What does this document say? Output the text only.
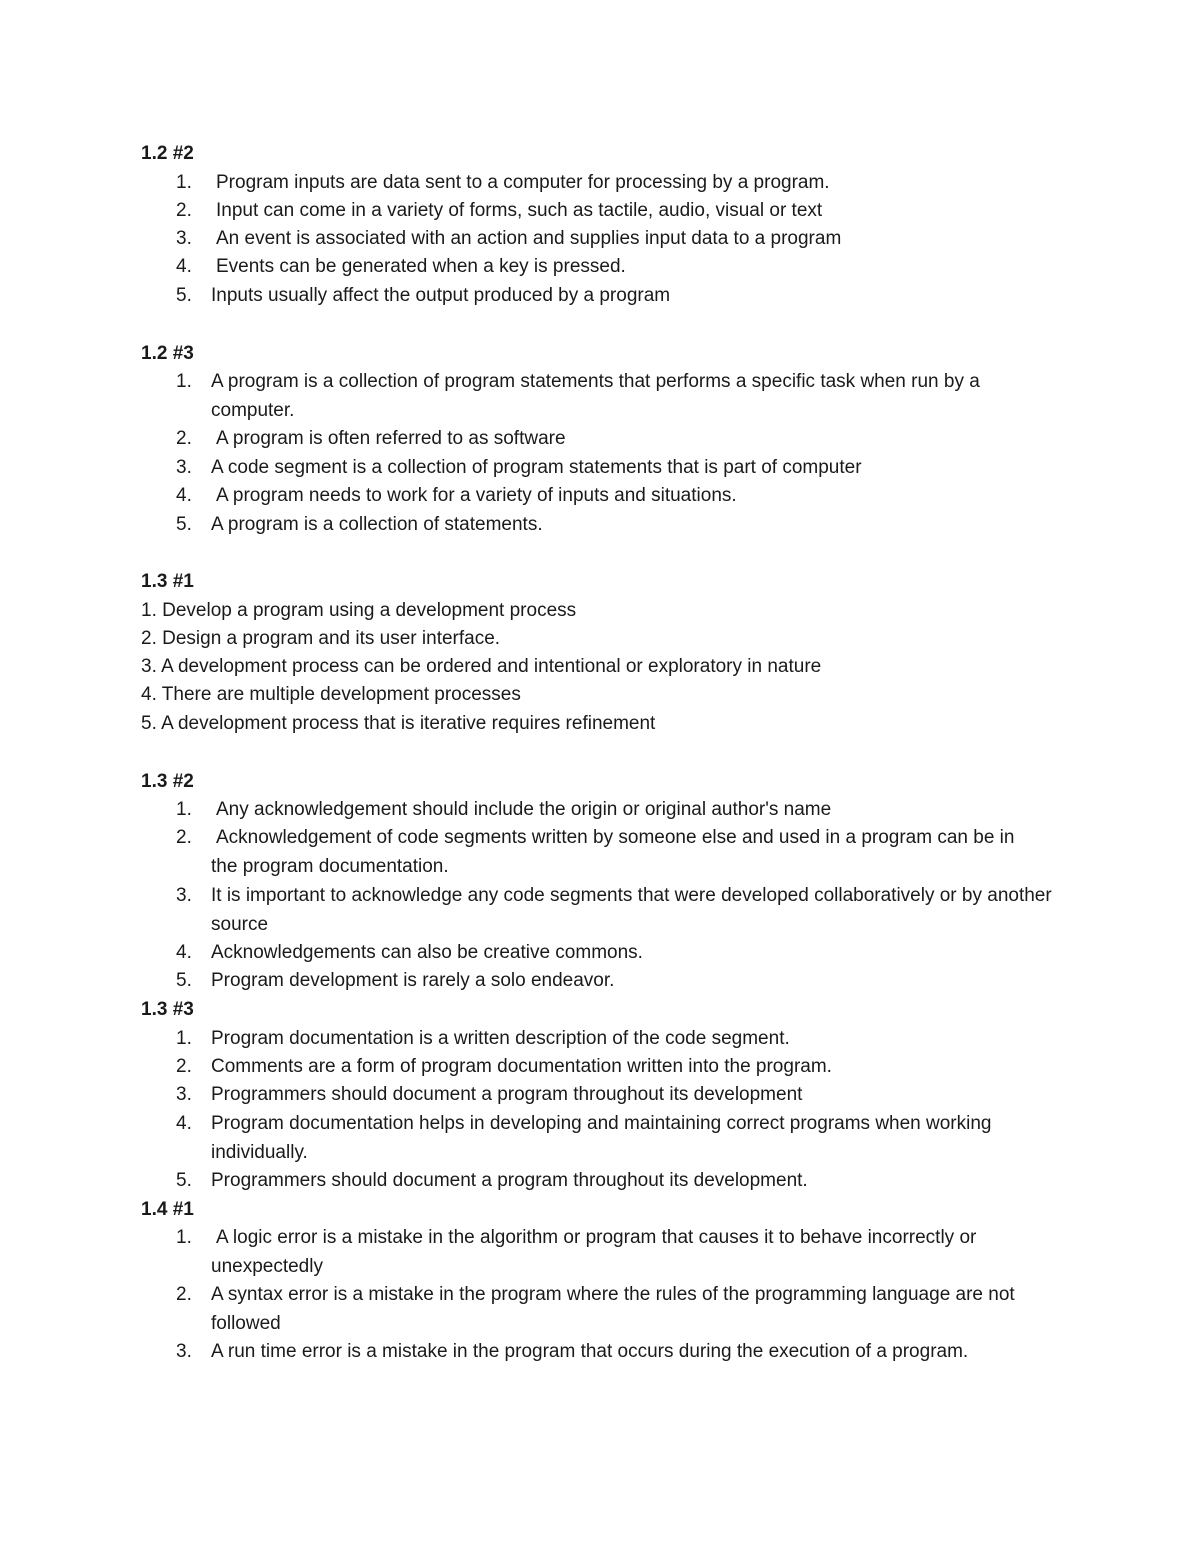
1.2 #2
1. Program inputs are data sent to a computer for processing by a program.
2. Input can come in a variety of forms, such as tactile, audio, visual or text
3. An event is associated with an action and supplies input data to a program
4. Events can be generated when a key is pressed.
5. Inputs usually affect the output produced by a program
1.2 #3
1. A program is a collection of program statements that performs a specific task when run by a computer.
2. A program is often referred to as software
3. A code segment is a collection of program statements that is part of computer
4. A program needs to work for a variety of inputs and situations.
5. A program is a collection of statements.
1.3 #1
1. Develop a program using a development process
2. Design a program and its user interface.
3. A development process can be ordered and intentional or exploratory in nature
4. There are multiple development processes
5. A development process that is iterative requires refinement
1.3 #2
1. Any acknowledgement should include the origin or original author's name
2. Acknowledgement of code segments written by someone else and used in a program can be in the program documentation.
3. It is important to acknowledge any code segments that were developed collaboratively or by another source
4. Acknowledgements can also be creative commons.
5. Program development is rarely a solo endeavor.
1.3 #3
1. Program documentation is a written description of the code segment.
2. Comments are a form of program documentation written into the program.
3. Programmers should document a program throughout its development
4. Program documentation helps in developing and maintaining correct programs when working individually.
5. Programmers should document a program throughout its development.
1.4 #1
1. A logic error is a mistake in the algorithm or program that causes it to behave incorrectly or unexpectedly
2. A syntax error is a mistake in the program where the rules of the programming language are not followed
3. A run time error is a mistake in the program that occurs during the execution of a program.
